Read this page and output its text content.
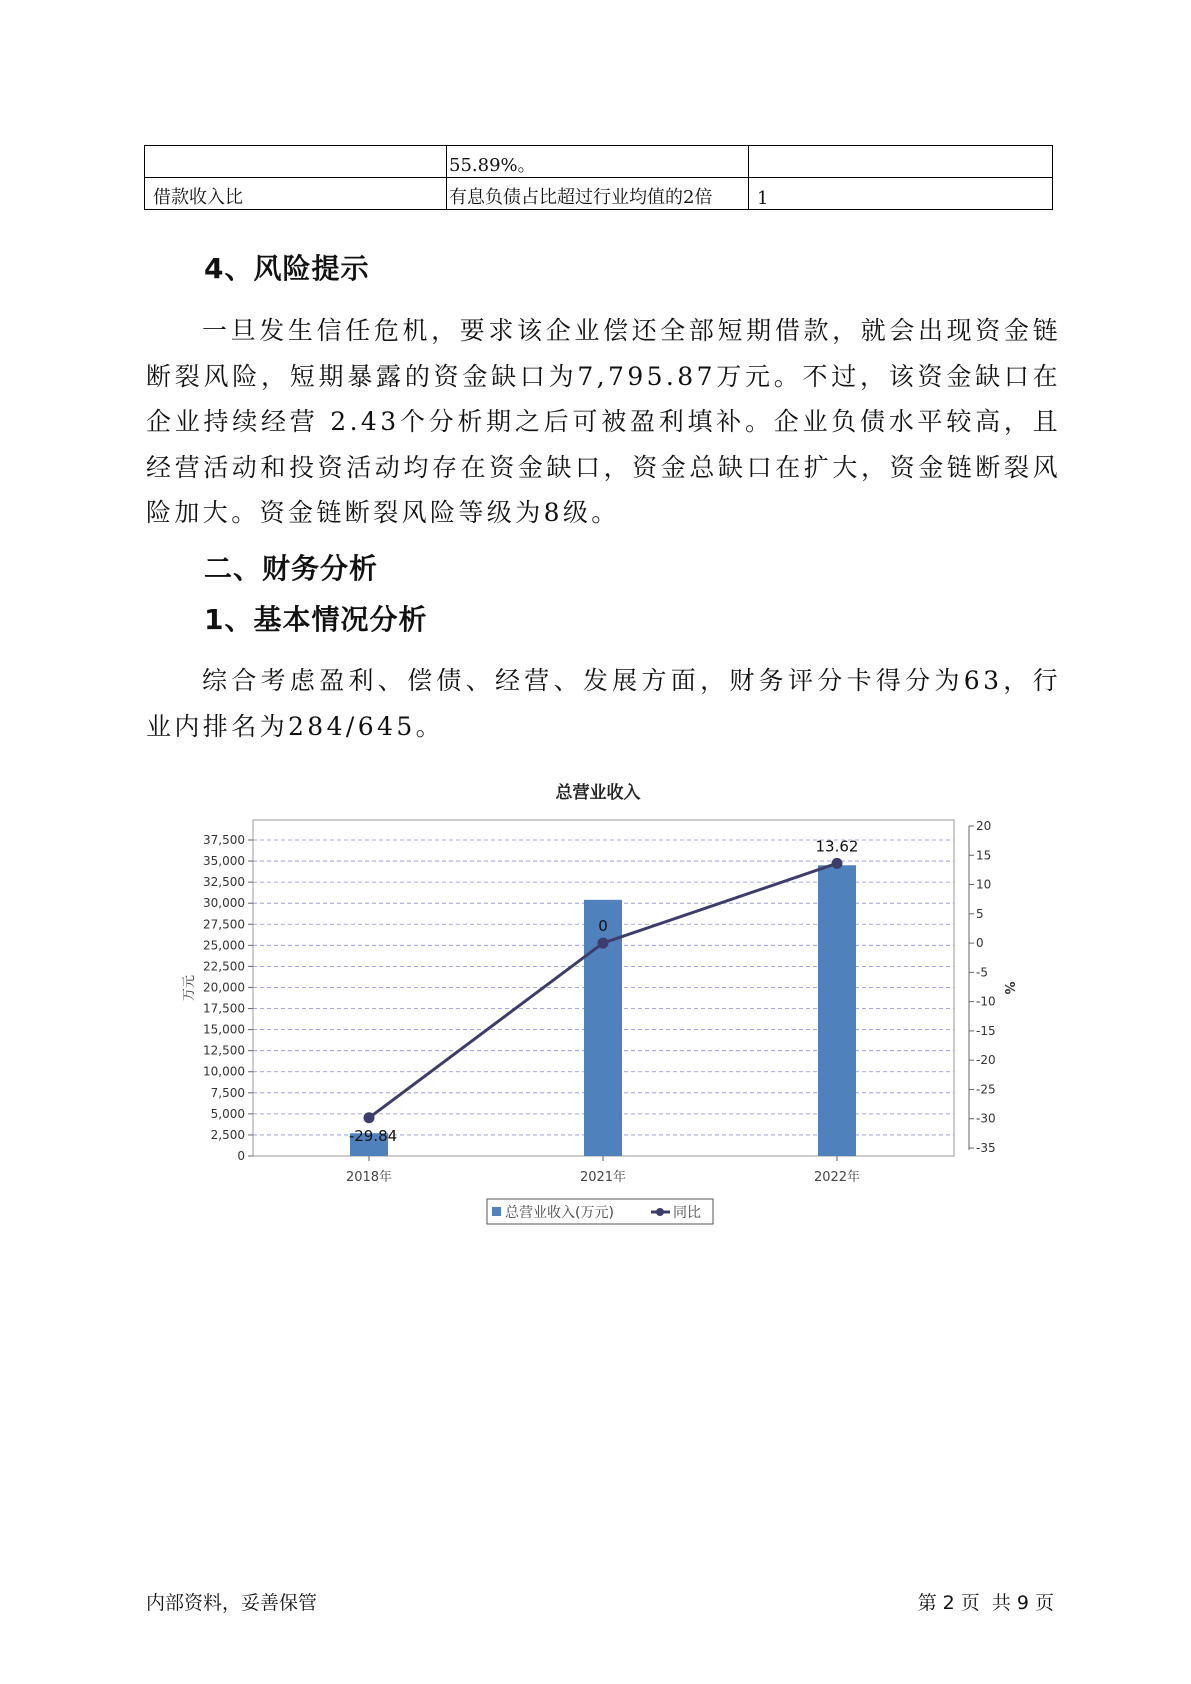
	55.89%。	
借款收入比	有息负债占比超过行业均值的2倍	1
4、风险提示
一旦发生信任危机，要求该企业偿还全部短期借款，就会出现资金链断裂风险，短期暴露的资金缺口为7,795.87万元。不过，该资金缺口在企业持续经营 2.43个分析期之后可被盈利填补。企业负债水平较高，且经营活动和投资活动均存在资金缺口，资金总缺口在扩大，资金链断裂风险加大。资金链断裂风险等级为8级。
二、财务分析
1、基本情况分析
综合考虑盈利、偿债、经营、发展方面，财务评分卡得分为63，行业内排名为284/645。
总营业收入
0
2,500
5,000
7,500
10,000
12,500
15,000
17,500
20,000
22,500
25,000
27,500
30,000
32,500
35,000
37,500
-35
-30
-25
-20
-15
-10
-5
0
5
10
15
20
万元	%
2018年	2021年	2022年
-29.84
0
13.62
总营业收入(万元)	同比
内部资料，妥善保管	第 2 页  共 9 页
